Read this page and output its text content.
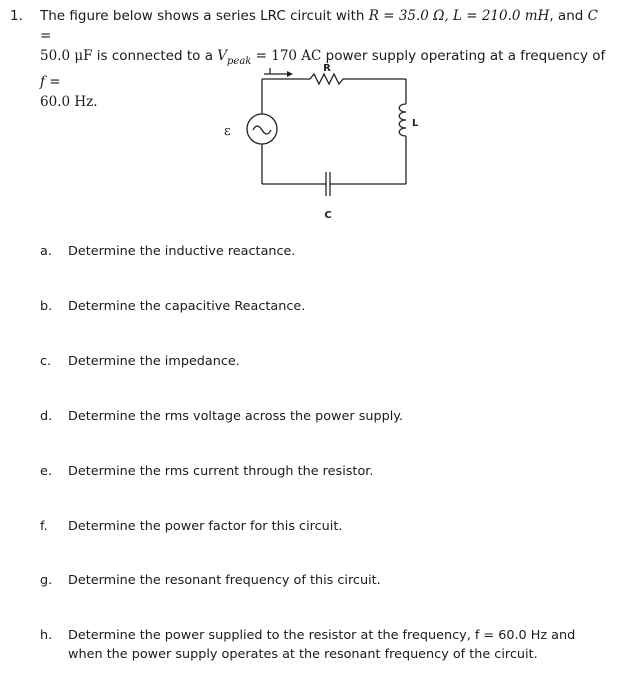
1. The figure below shows a series LRC circuit with R = 35.0 Ω, L = 210.0 mH, and C =
50.0 μF is connected to a $V_{peak} = 170$ AC power supply operating at a frequency of f =
60.0 Hz.
R
L
C
ε
a. Determine the inductive reactance.
b. Determine the capacitive Reactance.
c. Determine the impedance.
d. Determine the rms voltage across the power supply.
e. Determine the rms current through the resistor.
f. Determine the power factor for this circuit.
g. Determine the resonant frequency of this circuit.
h. Determine the power supplied to the resistor at the frequency, f = 60.0 Hz and when the power supply operates at the resonant frequency of the circuit.
